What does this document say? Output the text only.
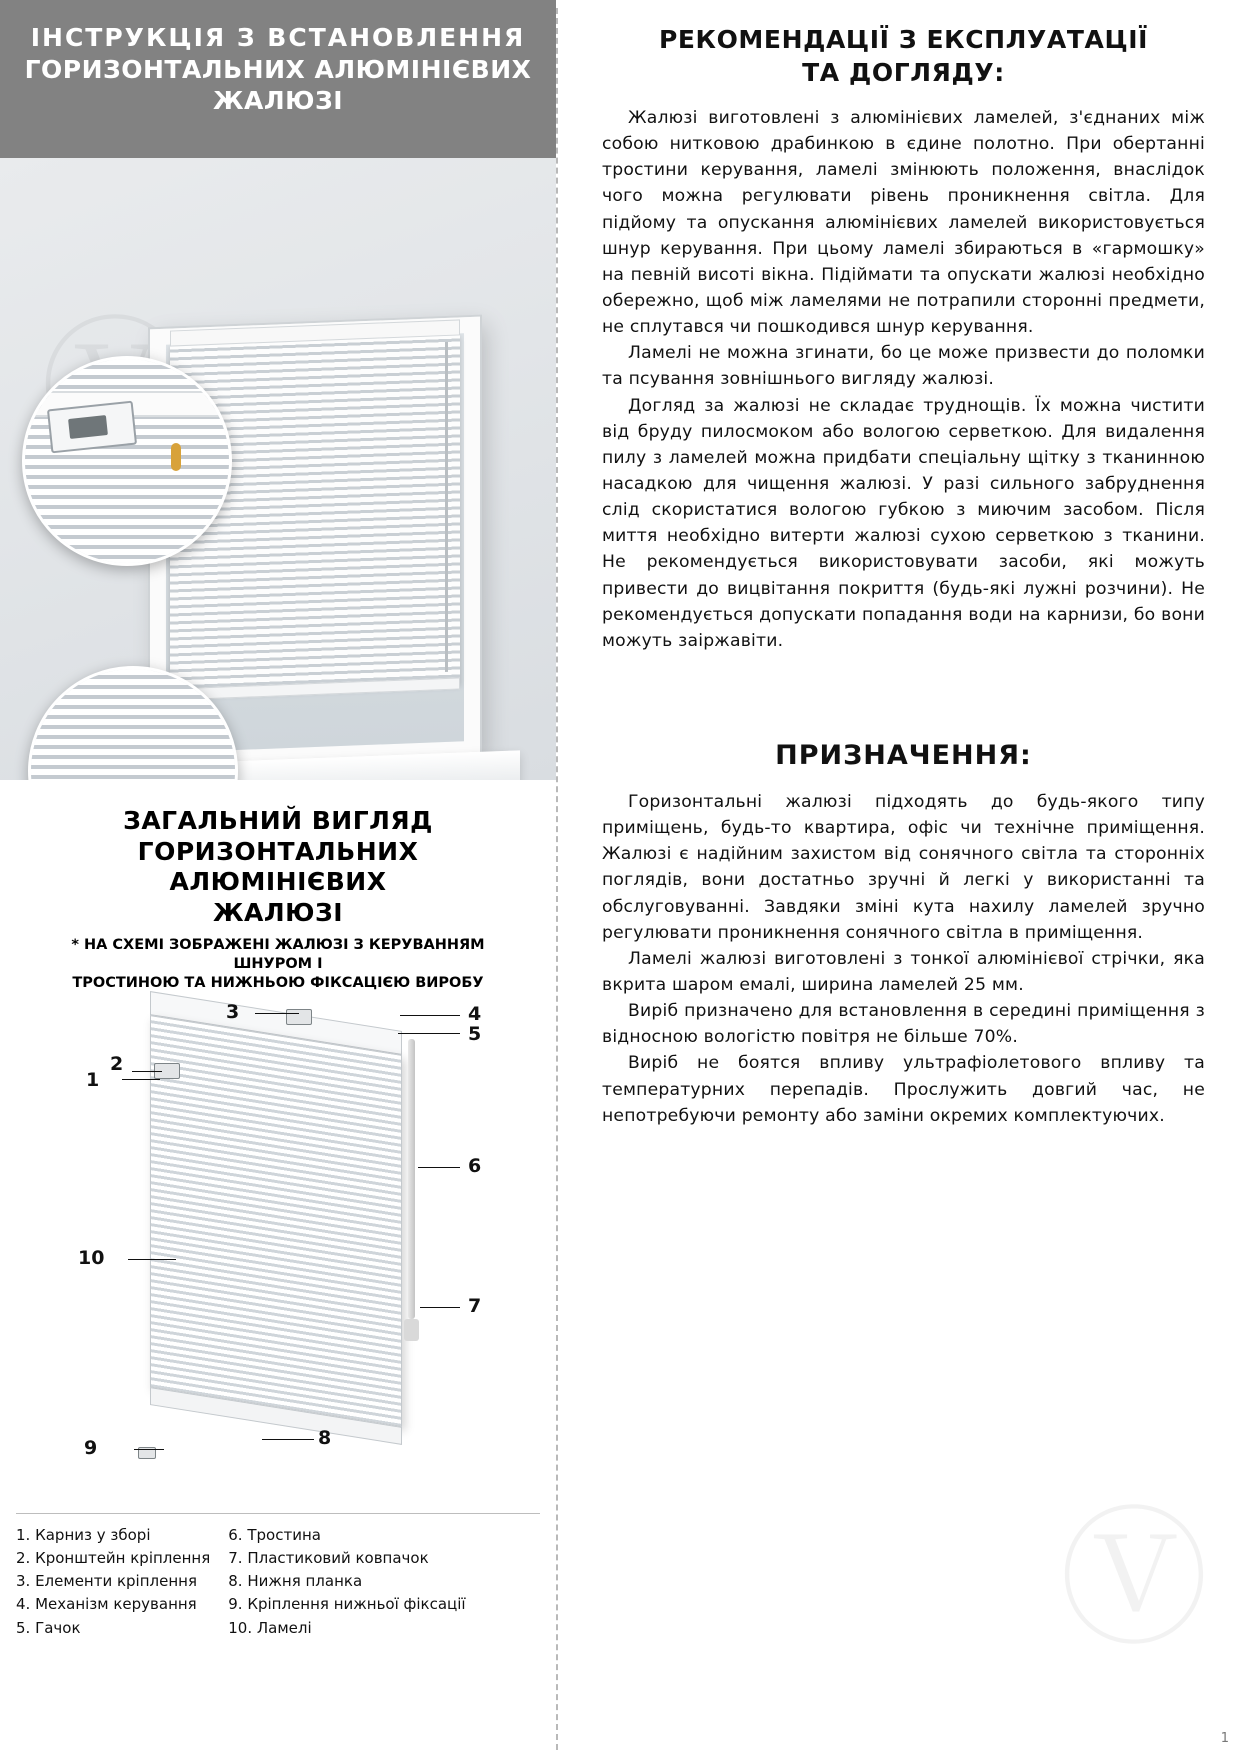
ІНСТРУКЦІЯ З ВСТАНОВЛЕННЯ
ГОРИЗОНТАЛЬНИХ АЛЮМІНІЄВИХ
ЖАЛЮЗІ
ЗАГАЛЬНИЙ ВИГЛЯД
ГОРИЗОНТАЛЬНИХ АЛЮМІНІЄВИХ
ЖАЛЮЗІ
* НА СХЕМІ ЗОБРАЖЕНІ ЖАЛЮЗІ З КЕРУВАННЯМ ШНУРОМ І
ТРОСТИНОЮ ТА НИЖНЬОЮ ФІКСАЦІЄЮ ВИРОБУ
3	4
5
1
2
6
7
10
9	8
1. Карниз у зборі
2. Кронштейн кріплення
3. Елементи кріплення
4. Механізм керування
5. Гачок
6. Тростина
7. Пластиковий ковпачок
8. Нижня планка
9. Кріплення нижньої фіксації
10. Ламелі
РЕКОМЕНДАЦІЇ З ЕКСПЛУАТАЦІЇ
ТА ДОГЛЯДУ:

Жалюзі виготовлені з алюмінієвих ламелей, з'єднаних між собою нитковою драбинкою в єдине полотно. При обертанні тростини керування, ламелі змінюють положення, внаслідок чого можна регулювати рівень проникнення світла. Для підйому та опускання алюмінієвих ламелей використовується шнур керування. При цьому ламелі збираються в «гармошку» на певній висоті вікна. Підіймати та опускати жалюзі необхідно обережно, щоб між ламелями не потрапили сторонні предмети, не сплутався чи пошкодився шнур керування.

Ламелі не можна згинати, бо це може призвести до поломки та псування зовнішнього вигляду жалюзі.

Догляд за жалюзі не складає труднощів. Їх можна чистити від бруду пилосмоком або вологою серветкою. Для видалення пилу з ламелей можна придбати спеціальну щітку з тканинною насадкою для чищення жалюзі. У разі сильного забруднення слід скористатися вологою губкою з миючим засобом. Після миття необхідно витерти жалюзі сухою серветкою з тканини. Не рекомендується використовувати засоби, які можуть привести до вицвітання покриття (будь-які лужні розчини). Не рекомендується допускати попадання води на карнизи, бо вони можуть заіржавіти.

ПРИЗНАЧЕННЯ:

Горизонтальні жалюзі підходять до будь-якого типу приміщень, будь-то квартира, офіс чи технічне приміщення. Жалюзі є надійним захистом від сонячного світла та сторонніх поглядів, вони достатньо зручні й легкі у використанні та обслуговуванні. Завдяки зміні кута нахилу ламелей зручно регулювати проникнення сонячного світла в приміщення.

Ламелі жалюзі виготовлені з тонкої алюмінієвої стрічки, яка вкрита шаром емалі, ширина ламелей 25 мм.

Виріб призначено для встановлення в середині приміщення з відносною вологістю повітря не більше 70%.

Виріб не боятся впливу ультрафіолетового впливу та температурних перепадів. Прослужить довгий час, не непотребуючи ремонту або заміни окремих комплектуючих.

Ⓥ
1
